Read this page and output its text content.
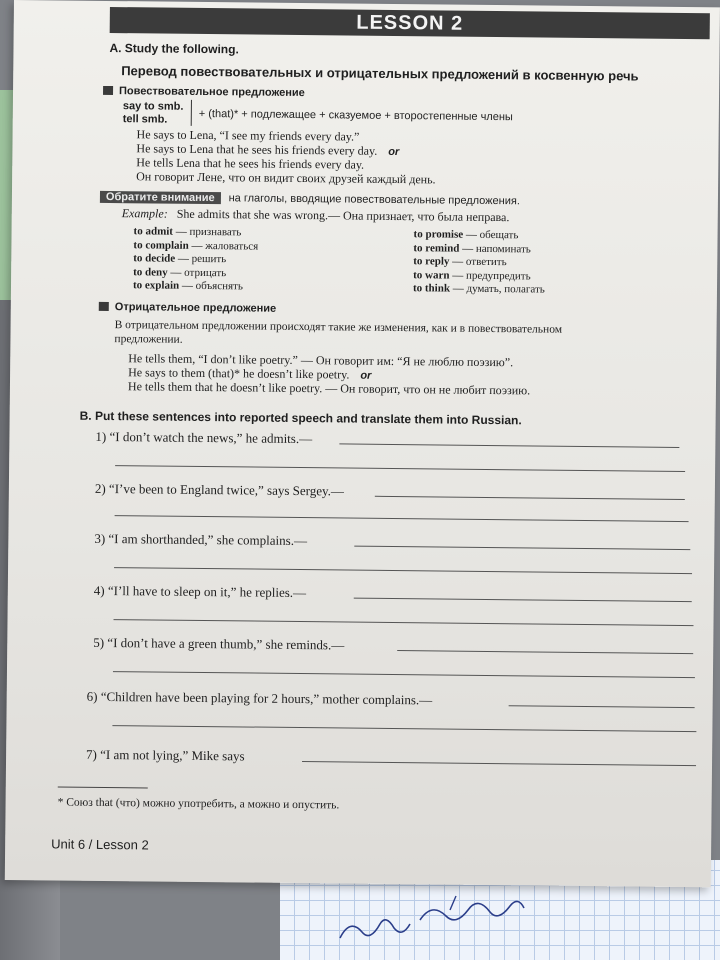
LESSON 2
A. Study the following.
Перевод повествовательных и отрицательных предложений в косвенную речь
Повествовательное предложение
say to smb.
tell smb.	+ (that)* + подлежащее + сказуемое + второстепенные члены
He says to Lena, “I see my friends every day.”
He says to Lena that he sees his friends every day. or
He tells Lena that he sees his friends every day.
Он говорит Лене, что он видит своих друзей каждый день.
Обратите внимание на глаголы, вводящие повествовательные предложения.
Example: She admits that she was wrong.— Она признает, что была неправа.
to admit — признавать
to complain — жаловаться
to decide — решить
to deny — отрицать
to explain — объяснять
to promise — обещать
to remind — напоминать
to reply — ответить
to warn — предупредить
to think — думать, полагать
Отрицательное предложение
В отрицательном предложении происходят такие же изменения, как и в повествовательном
предложении.
He tells them, “I don’t like poetry.” — Он говорит им: “Я не люблю поэзию”.
He says to them (that)* he doesn’t like poetry. or
He tells them that he doesn’t like poetry. — Он говорит, что он не любит поэзию.
B. Put these sentences into reported speech and translate them into Russian.
1) “I don’t watch the news,” he admits.—
2) “I’ve been to England twice,” says Sergey.—
3) “I am shorthanded,” she complains.—
4) “I’ll have to sleep on it,” he replies.—
5) “I don’t have a green thumb,” she reminds.—
6) “Children have been playing for 2 hours,” mother complains.—
7) “I am not lying,” Mike says
* Союз that (что) можно употребить, а можно и опустить.
Unit 6 / Lesson 2
